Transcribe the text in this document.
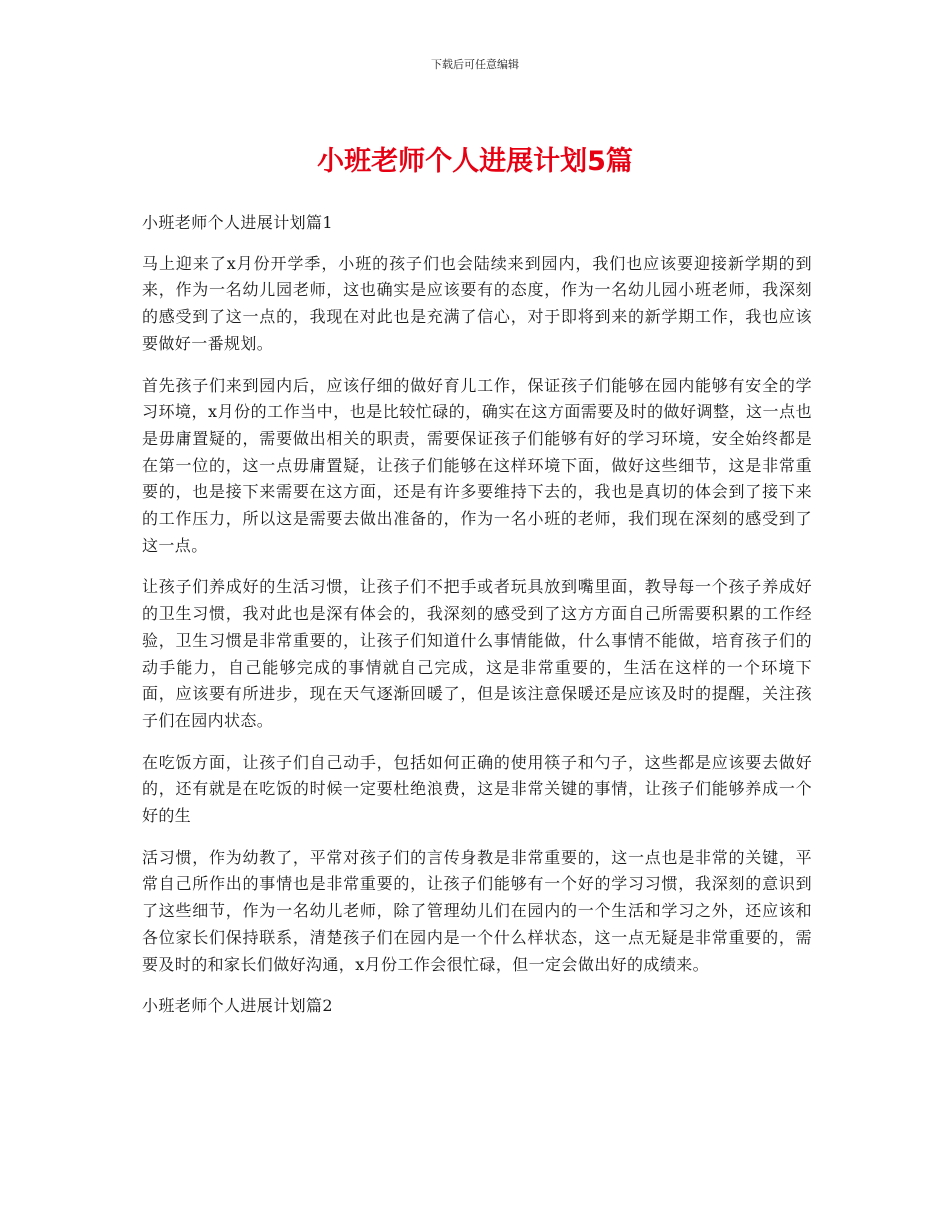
下载后可任意编辑
小班老师个人进展计划5篇

小班老师个人进展计划篇1

马上迎来了x月份开学季，小班的孩子们也会陆续来到园内，我们也应该要迎接新学期的到来，作为一名幼儿园老师，这也确实是应该要有的态度，作为一名幼儿园小班老师，我深刻的感受到了这一点的，我现在对此也是充满了信心，对于即将到来的新学期工作，我也应该要做好一番规划。

首先孩子们来到园内后，应该仔细的做好育儿工作，保证孩子们能够在园内能够有安全的学习环境，x月份的工作当中，也是比较忙碌的，确实在这方面需要及时的做好调整，这一点也是毋庸置疑的，需要做出相关的职责，需要保证孩子们能够有好的学习环境，安全始终都是在第一位的，这一点毋庸置疑，让孩子们能够在这样环境下面，做好这些细节，这是非常重要的，也是接下来需要在这方面，还是有许多要维持下去的，我也是真切的体会到了接下来的工作压力，所以这是需要去做出准备的，作为一名小班的老师，我们现在深刻的感受到了这一点。

让孩子们养成好的生活习惯，让孩子们不把手或者玩具放到嘴里面，教导每一个孩子养成好的卫生习惯，我对此也是深有体会的，我深刻的感受到了这方方面自己所需要积累的工作经验，卫生习惯是非常重要的，让孩子们知道什么事情能做，什么事情不能做，培育孩子们的动手能力，自己能够完成的事情就自己完成，这是非常重要的，生活在这样的一个环境下面，应该要有所进步，现在天气逐渐回暖了，但是该注意保暖还是应该及时的提醒，关注孩子们在园内状态。

在吃饭方面，让孩子们自己动手，包括如何正确的使用筷子和勺子，这些都是应该要去做好的，还有就是在吃饭的时候一定要杜绝浪费，这是非常关键的事情，让孩子们能够养成一个好的生

活习惯，作为幼教了，平常对孩子们的言传身教是非常重要的，这一点也是非常的关键，平常自己所作出的事情也是非常重要的，让孩子们能够有一个好的学习习惯，我深刻的意识到了这些细节，作为一名幼儿老师，除了管理幼儿们在园内的一个生活和学习之外，还应该和各位家长们保持联系，清楚孩子们在园内是一个什么样状态，这一点无疑是非常重要的，需要及时的和家长们做好沟通，x月份工作会很忙碌，但一定会做出好的成绩来。

小班老师个人进展计划篇2
